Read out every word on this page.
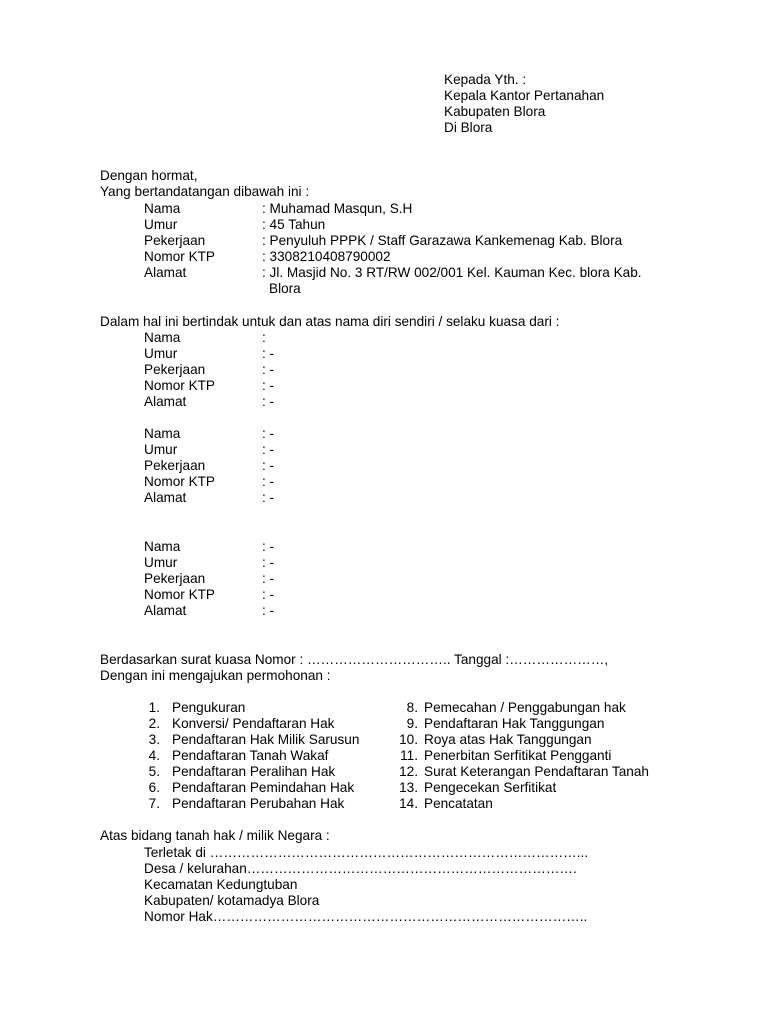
Kepada Yth. :
Kepala Kantor Pertanahan
Kabupaten Blora
Di Blora
Dengan hormat,
Yang bertandatangan dibawah ini :
Nama	: Muhamad Masqun, S.H
Umur	: 45 Tahun
Pekerjaan	: Penyuluh PPPK / Staff Garazawa Kankemenag Kab. Blora
Nomor KTP	: 3308210408790002
Alamat	: Jl. Masjid No. 3 RT/RW 002/001 Kel. Kauman Kec. blora Kab.
Blora
Dalam hal ini bertindak untuk dan atas nama diri sendiri / selaku kuasa dari :
Nama	:
Umur	: -
Pekerjaan	: -
Nomor KTP	: -
Alamat	: -
Nama	: -
Umur	: -
Pekerjaan	: -
Nomor KTP	: -
Alamat	: -
Nama	: -
Umur	: -
Pekerjaan	: -
Nomor KTP	: -
Alamat	: -
Berdasarkan surat kuasa Nomor : ………………………….. Tanggal :…………………,
Dengan ini mengajukan permohonan :
1. Pengukuran
2. Konversi/ Pendaftaran Hak
3. Pendaftaran Hak Milik Sarusun
4. Pendaftaran Tanah Wakaf
5. Pendaftaran Peralihan Hak
6. Pendaftaran Pemindahan Hak
7. Pendaftaran Perubahan Hak
8. Pemecahan / Penggabungan hak
9. Pendaftaran Hak Tanggungan
10. Roya atas Hak Tanggungan
11. Penerbitan Serfitikat Pengganti
12. Surat Keterangan Pendaftaran Tanah
13. Pengecekan Serfitikat
14. Pencatatan
Atas bidang tanah hak / milik Negara :
Terletak di ………………………………………………………………………...
Desa / kelurahan……………………………………………………………….
Kecamatan Kedungtuban
Kabupaten/ kotamadya Blora
Nomor Hak………………………………………………………………………..
